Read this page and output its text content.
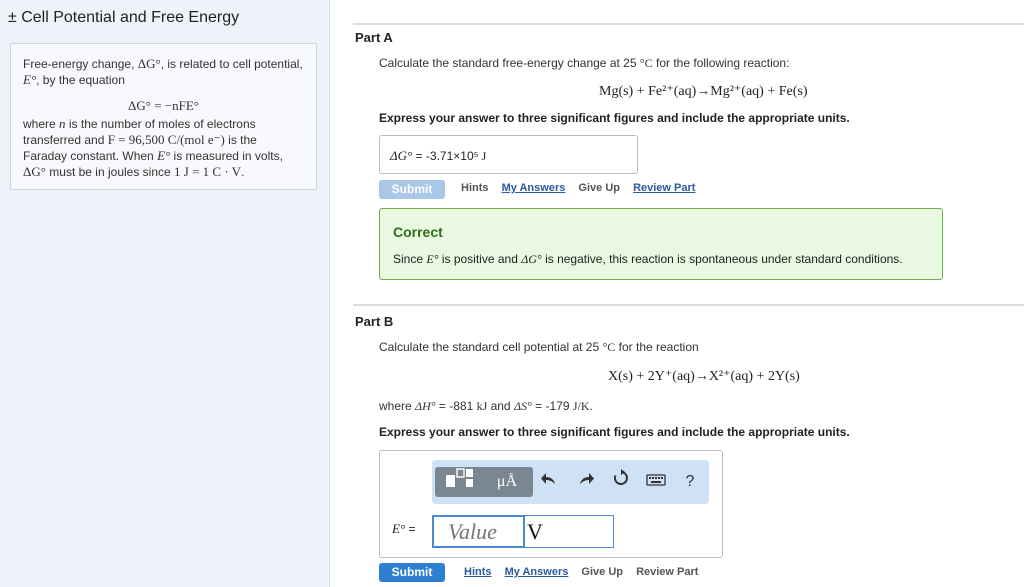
± Cell Potential and Free Energy
Free-energy change, ΔG°, is related to cell potential, E°, by the equation
ΔG° = −nFE°
where n is the number of moles of electrons transferred and F = 96,500 C/(mol e⁻) is the Faraday constant. When E° is measured in volts, ΔG° must be in joules since 1 J = 1 C · V.
Part A
Calculate the standard free-energy change at 25 °C for the following reaction:
Mg(s) + Fe²⁺(aq)→Mg²⁺(aq) + Fe(s)
Express your answer to three significant figures and include the appropriate units.
ΔG° = -3.71×10⁵ J
Submit	Hints My Answers Give Up Review Part
Correct
Since E° is positive and ΔG° is negative, this reaction is spontaneous under standard conditions.
Part B
Calculate the standard cell potential at 25 °C for the reaction
X(s) + 2Y⁺(aq)→X²⁺(aq) + 2Y(s)
where ΔH° = -881 kJ and ΔS° = -179 J/K.
Express your answer to three significant figures and include the appropriate units.
μÅ	?
E° =
Value
V
Submit	Hints My Answers Give Up Review Part
